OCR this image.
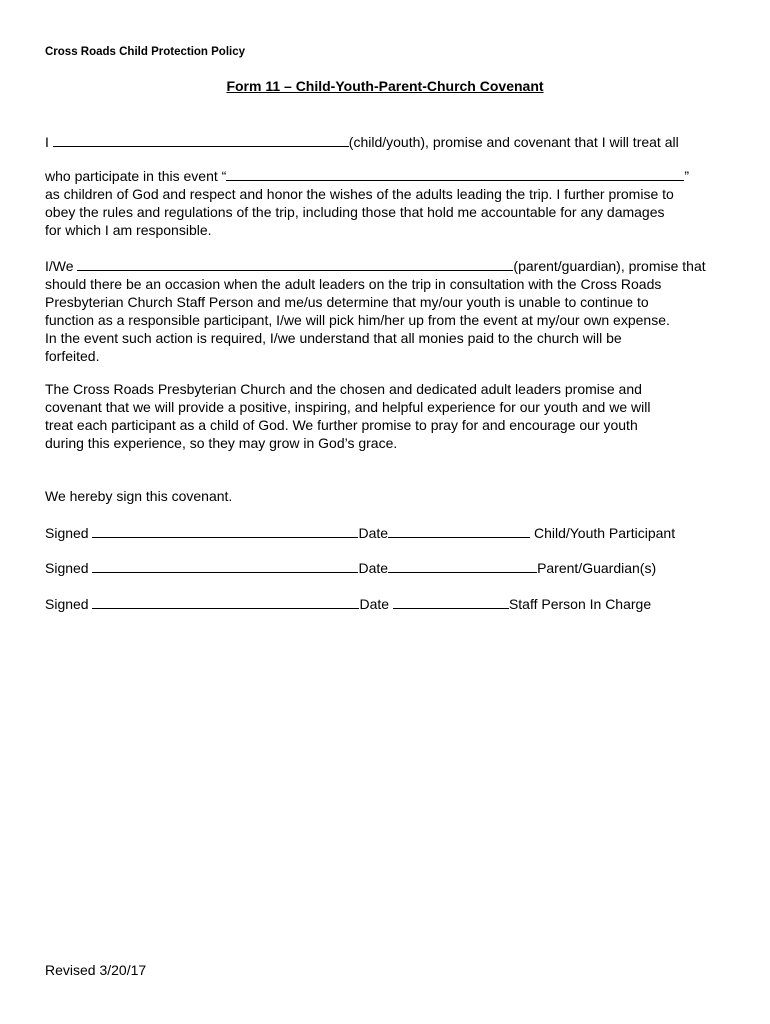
Cross Roads Child Protection Policy
Form 11 – Child-Youth-Parent-Church Covenant
I	(child/youth), promise and covenant that I will treat all
who participate in this event “	”
as children of God and respect and honor the wishes of the adults leading the trip. I further promise to
obey the rules and regulations of the trip, including those that hold me accountable for any damages
for which I am responsible.
I/We	(parent/guardian), promise that
should there be an occasion when the adult leaders on the trip in consultation with the Cross Roads
Presbyterian Church Staff Person and me/us determine that my/our youth is unable to continue to
function as a responsible participant, I/we will pick him/her up from the event at my/our own expense.
In the event such action is required, I/we understand that all monies paid to the church will be
forfeited.
The Cross Roads Presbyterian Church and the chosen and dedicated adult leaders promise and
covenant that we will provide a positive, inspiring, and helpful experience for our youth and we will
treat each participant as a child of God. We further promise to pray for and encourage our youth
during this experience, so they may grow in God’s grace.
We hereby sign this covenant.
Signed	Date	Child/Youth Participant
Signed	Date	Parent/Guardian(s)
Signed	Date	Staff Person In Charge
Revised 3/20/17
